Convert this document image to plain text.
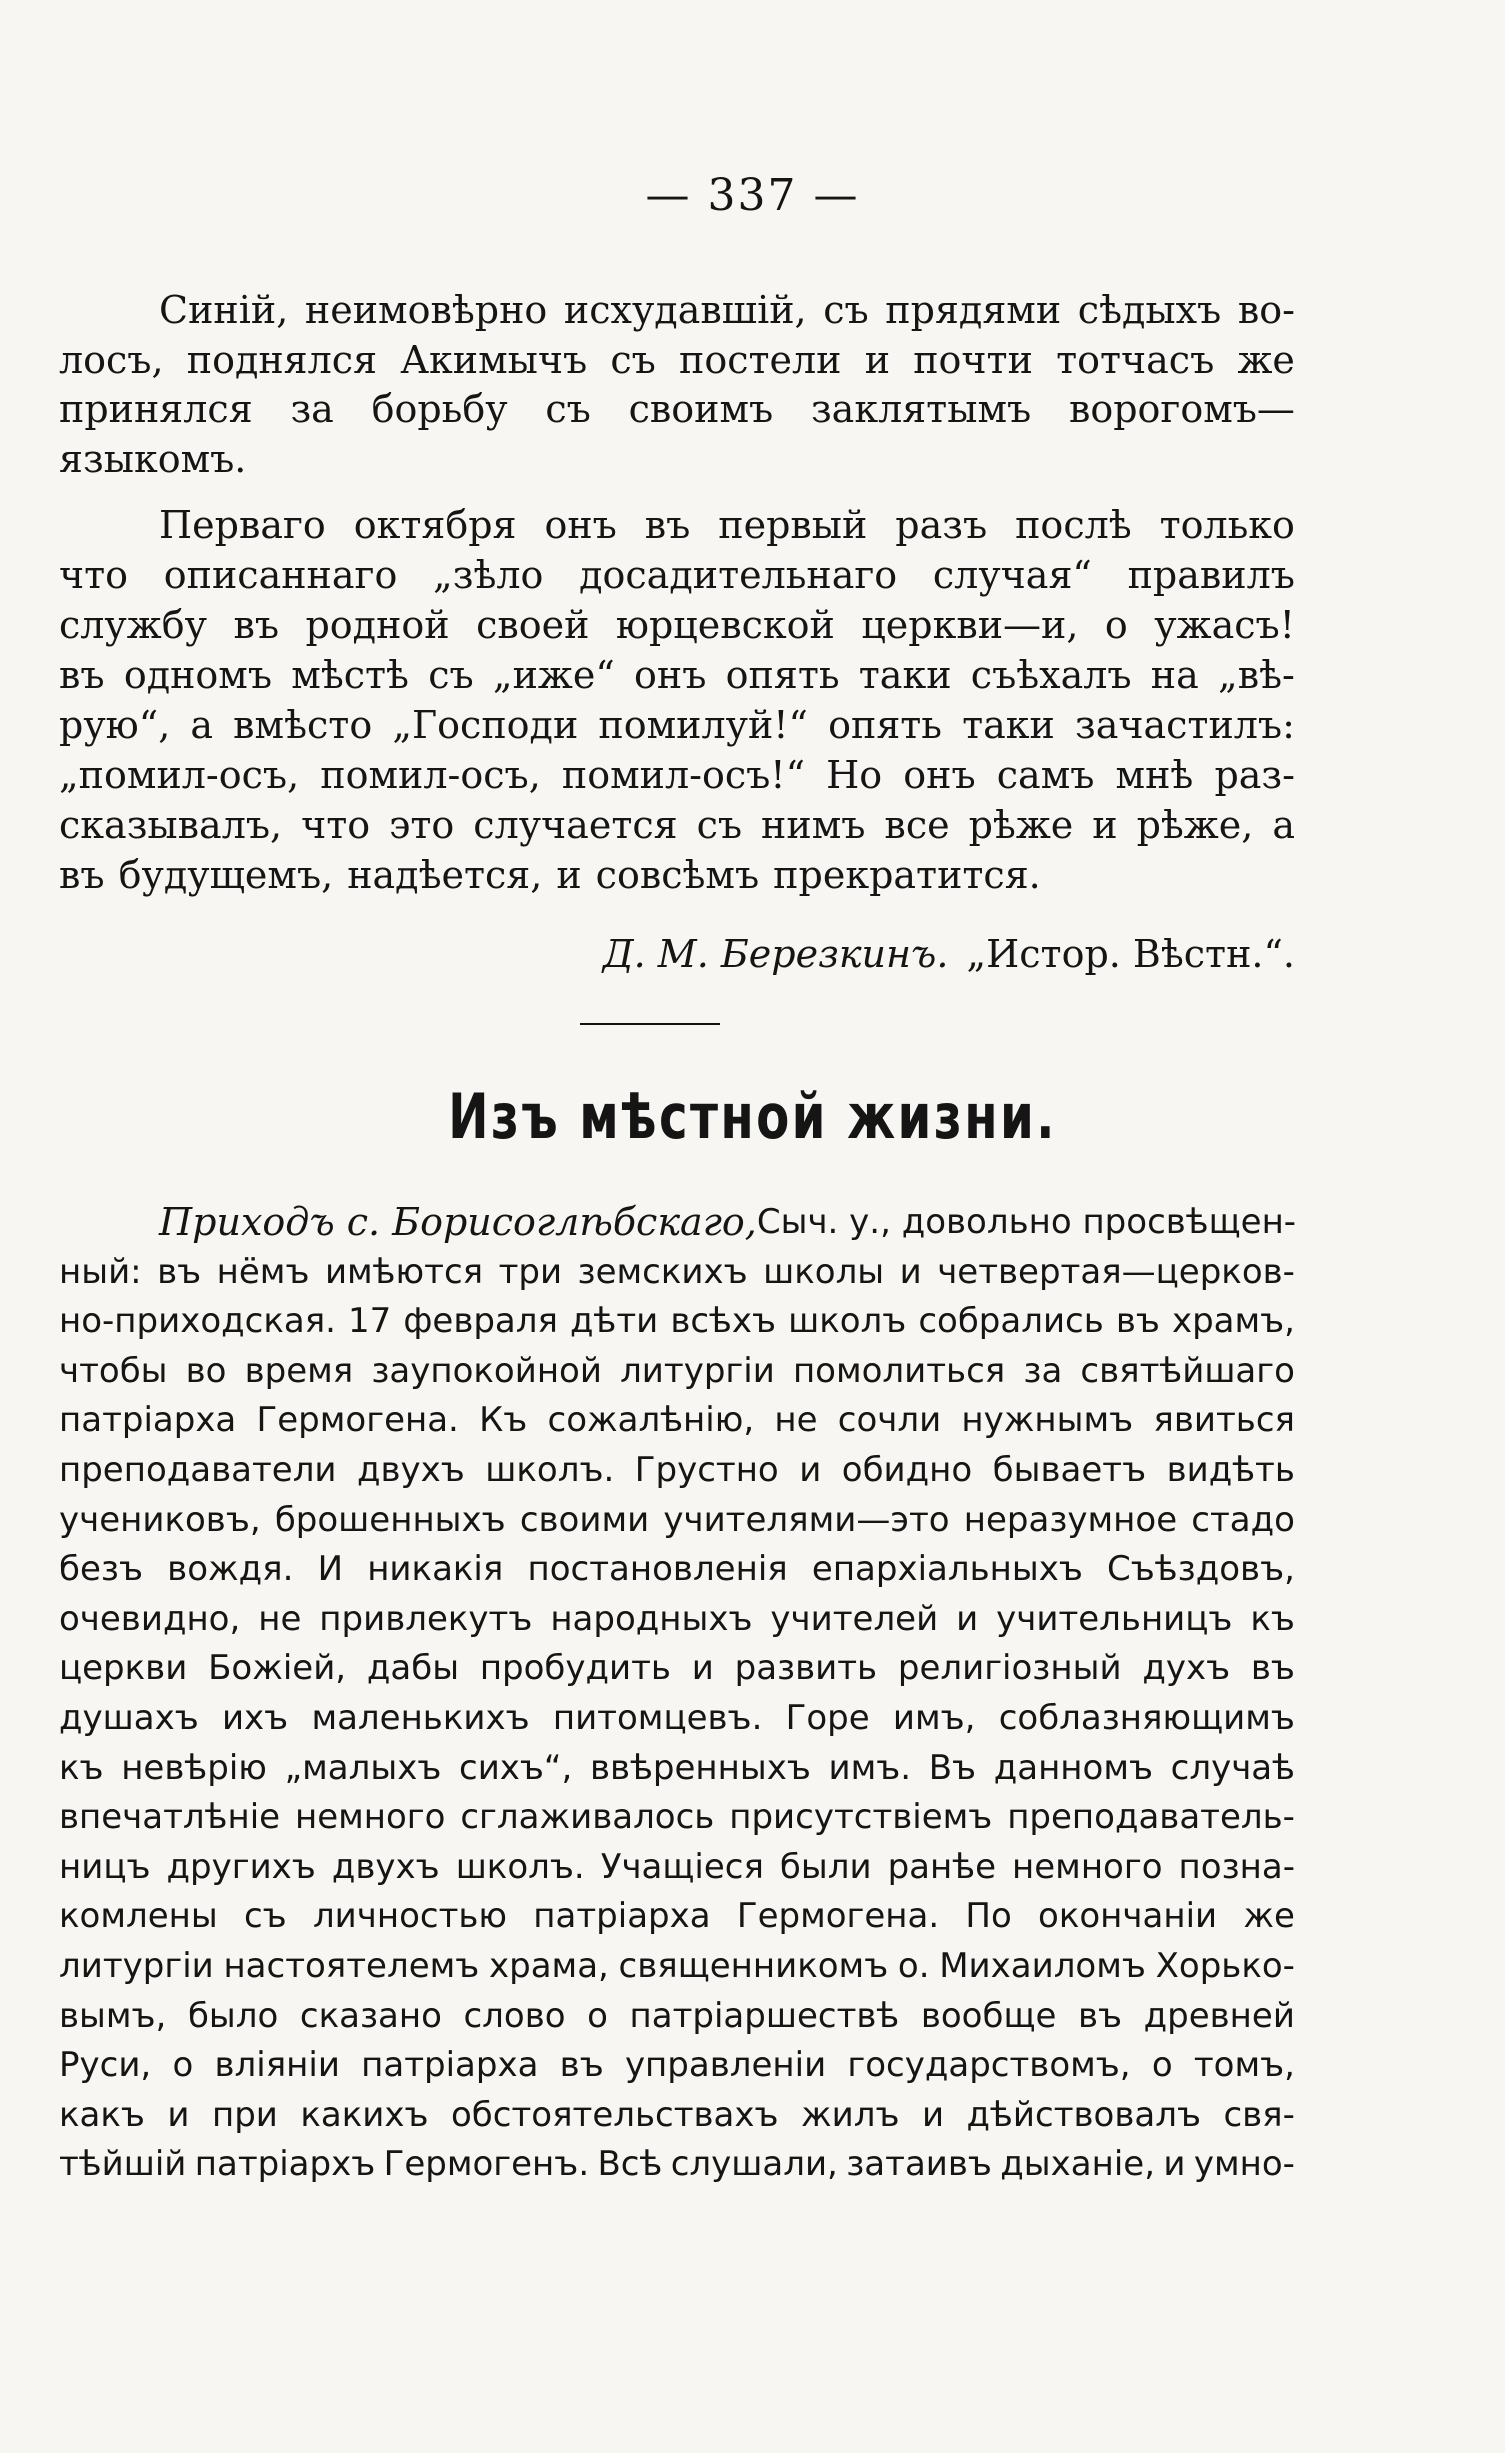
— 337 —
Синій, неимовѣрно исхудавшій, съ прядями сѣдыхъ во-
лосъ, поднялся Акимычъ съ постели и почти тотчасъ же
принялся за борьбу съ своимъ заклятымъ ворогомъ—
языкомъ.
Перваго октября онъ въ первый разъ послѣ только
что описаннаго „зѣло досадительнаго случая“ правилъ
службу въ родной своей юрцевской церкви—и, о ужасъ!
въ одномъ мѣстѣ съ „иже“ онъ опять таки съѣхалъ на „вѣ-
рую“, а вмѣсто „Господи помилуй!“ опять таки зачастилъ:
„помил-осъ, помил-осъ, помил-осъ!“ Но онъ самъ мнѣ раз-
сказывалъ, что это случается съ нимъ все рѣже и рѣже, а
въ будущемъ, надѣется, и совсѣмъ прекратится.
Д. М. Березкинъ. „Истор. Вѣстн.“.
Изъ мѣстной жизни.
Приходъ с. Борисоглѣбскаго, Сыч. у., довольно просвѣщен-
ный: въ нёмъ имѣются три земскихъ школы и четвертая—церков-
но-приходская. 17 февраля дѣти всѣхъ школъ собрались въ храмъ,
чтобы во время заупокойной литургіи помолиться за святѣйшаго
патріарха Гермогена. Къ сожалѣнію, не сочли нужнымъ явиться
преподаватели двухъ школъ. Грустно и обидно бываетъ видѣть
учениковъ, брошенныхъ своими учителями—это неразумное стадо
безъ вождя. И никакія постановленія епархіальныхъ Съѣздовъ,
очевидно, не привлекутъ народныхъ учителей и учительницъ къ
церкви Божіей, дабы пробудить и развить религіозный духъ въ
душахъ ихъ маленькихъ питомцевъ. Горе имъ, соблазняющимъ
къ невѣрію „малыхъ сихъ“, ввѣренныхъ имъ. Въ данномъ случаѣ
впечатлѣніе немного сглаживалось присутствіемъ преподаватель-
ницъ другихъ двухъ школъ. Учащіеся были ранѣе немного позна-
комлены съ личностью патріарха Гермогена. По окончаніи же
литургіи настоятелемъ храма, священникомъ о. Михаиломъ Хорько-
вымъ, было сказано слово о патріаршествѣ вообще въ древней
Руси, о вліяніи патріарха въ управленіи государствомъ, о томъ,
какъ и при какихъ обстоятельствахъ жилъ и дѣйствовалъ свя-
тѣйшій патріархъ Гермогенъ. Всѣ слушали, затаивъ дыханіе, и умно-
